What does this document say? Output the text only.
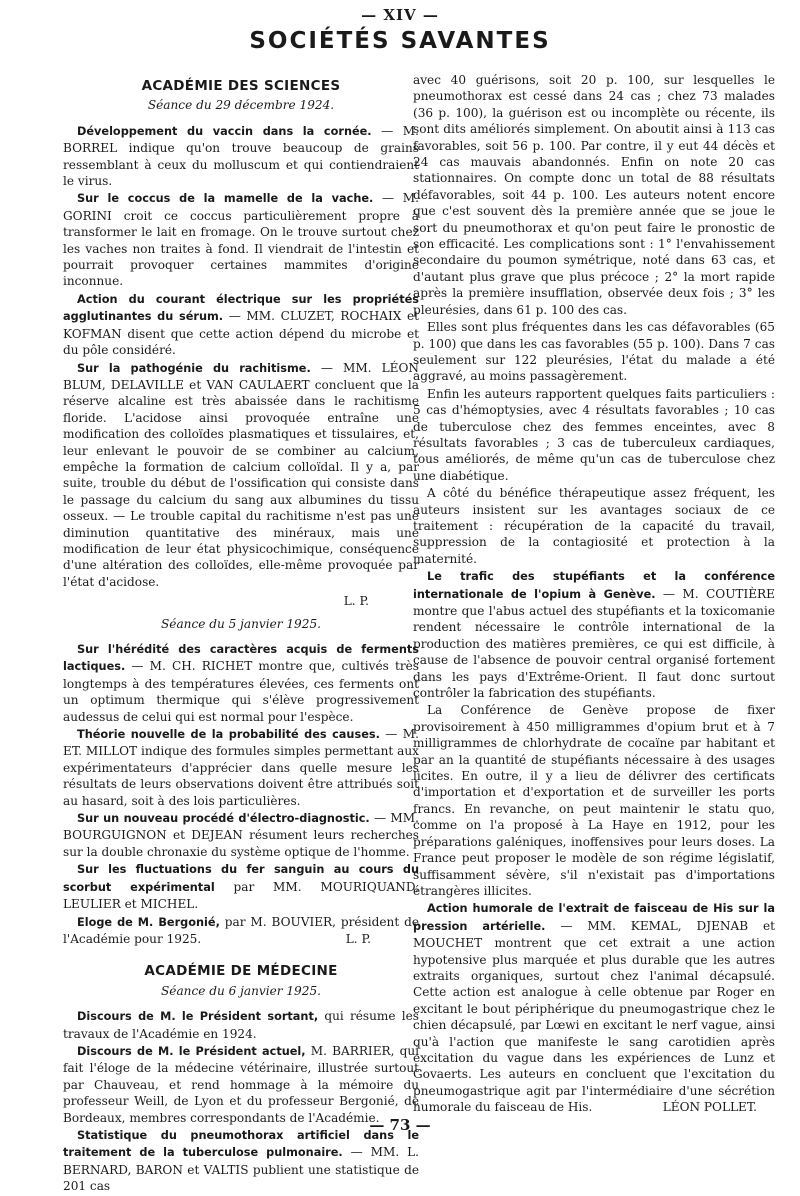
— XIV —
SOCIÉTÉS SAVANTES
ACADÉMIE DES SCIENCES
Séance du 29 décembre 1924.

Développement du vaccin dans la cornée. — M. BORREL indique qu'on trouve beaucoup de grains ressemblant à ceux du molluscum et qui contiendraient le virus.

Sur le coccus de la mamelle de la vache. — M. GORINI croit ce coccus particulièrement propre à transformer le lait en fromage. On le trouve surtout chez les vaches non traites à fond. Il viendrait de l'intestin et pourrait provoquer certaines mammites d'origine inconnue.

Action du courant électrique sur les propriétés agglutinantes du sérum. — MM. CLUZET, ROCHAIX et KOFMAN disent que cette action dépend du microbe et du pôle considéré.

Sur la pathogénie du rachitisme. — MM. LÉON BLUM, DELAVILLE et VAN CAULAERT concluent que la réserve alcaline est très abaissée dans le rachitisme floride. L'acidose ainsi provoquée entraîne une modification des colloïdes plasmatiques et tissulaires, et, leur enlevant le pouvoir de se combiner au calcium, empêche la formation de calcium colloïdal. Il y a, par suite, trouble du début de l'ossification qui consiste dans le passage du calcium du sang aux albumines du tissu osseux. — Le trouble capital du rachitisme n'est pas une diminution quantitative des minéraux, mais une modification de leur état physicochimique, conséquence d'une altération des colloïdes, elle-même provoquée par l'état d'acidose.

L. P.
Séance du 5 janvier 1925.

Sur l'hérédité des caractères acquis de ferments lactiques. — M. CH. RICHET montre que, cultivés très longtemps à des températures élevées, ces ferments ont un optimum thermique qui s'élève progressivement audessus de celui qui est normal pour l'espèce.

Théorie nouvelle de la probabilité des causes. — M. ET. MILLOT indique des formules simples permettant aux expérimentateurs d'apprécier dans quelle mesure les résultats de leurs observations doivent être attribués soit au hasard, soit à des lois particulières.

Sur un nouveau procédé d'électro-diagnostic. — MM. BOURGUIGNON et DEJEAN résument leurs recherches sur la double chronaxie du système optique de l'homme.

Sur les fluctuations du fer sanguin au cours du scorbut expérimental par MM. MOURIQUAND, LEULIER et MICHEL.

Eloge de M. Bergonié, par M. BOUVIER, président de l'Académie pour 1925.	L. P.

ACADÉMIE DE MÉDECINE
Séance du 6 janvier 1925.

Discours de M. le Président sortant, qui résume les travaux de l'Académie en 1924.

Discours de M. le Président actuel, M. BARRIER, qui fait l'éloge de la médecine vétérinaire, illustrée surtout par Chauveau, et rend hommage à la mémoire du professeur Weill, de Lyon et du professeur Bergonié, de Bordeaux, membres correspondants de l'Académie.

Statistique du pneumothorax artificiel dans le traitement de la tuberculose pulmonaire. — MM. L. BERNARD, BARON et VALTIS publient une statistique de 201 cas

avec 40 guérisons, soit 20 p. 100, sur lesquelles le pneumothorax est cessé dans 24 cas ; chez 73 malades (36 p. 100), la guérison est ou incomplète ou récente, ils sont dits améliorés simplement. On aboutit ainsi à 113 cas favorables, soit 56 p. 100. Par contre, il y eut 44 décès et 24 cas mauvais abandonnés. Enfin on note 20 cas stationnaires. On compte donc un total de 88 résultats défavorables, soit 44 p. 100. Les auteurs notent encore que c'est souvent dès la première année que se joue le sort du pneumothorax et qu'on peut faire le pronostic de son efficacité. Les complications sont : 1° l'envahissement secondaire du poumon symétrique, noté dans 63 cas, et d'autant plus grave que plus précoce ; 2° la mort rapide après la première insufflation, observée deux fois ; 3° les pleurésies, dans 61 p. 100 des cas.

Elles sont plus fréquentes dans les cas défavorables (65 p. 100) que dans les cas favorables (55 p. 100). Dans 7 cas seulement sur 122 pleurésies, l'état du malade a été aggravé, au moins passagèrement.

Enfin les auteurs rapportent quelques faits particuliers : 5 cas d'hémoptysies, avec 4 résultats favorables ; 10 cas de tuberculose chez des femmes enceintes, avec 8 résultats favorables ; 3 cas de tuberculeux cardiaques, tous améliorés, de même qu'un cas de tuberculose chez une diabétique.

A côté du bénéfice thérapeutique assez fréquent, les auteurs insistent sur les avantages sociaux de ce traitement : récupération de la capacité du travail, suppression de la contagiosité et protection à la maternité.

Le trafic des stupéfiants et la conférence internationale de l'opium à Genève. — M. COUTIÈRE montre que l'abus actuel des stupéfiants et la toxicomanie rendent nécessaire le contrôle international de la production des matières premières, ce qui est difficile, à cause de l'absence de pouvoir central organisé fortement dans les pays d'Extrême-Orient. Il faut donc surtout contrôler la fabrication des stupéfiants.

La Conférence de Genève propose de fixer provisoirement à 450 milligrammes d'opium brut et à 7 milligrammes de chlorhydrate de cocaïne par habitant et par an la quantité de stupéfiants nécessaire à des usages licites. En outre, il y a lieu de délivrer des certificats d'importation et d'exportation et de surveiller les ports francs. En revanche, on peut maintenir le statu quo, comme on l'a proposé à La Haye en 1912, pour les préparations galéniques, inoffensives pour leurs doses. La France peut proposer le modèle de son régime législatif, suffisamment sévère, s'il n'existait pas d'importations étrangères illicites.

Action humorale de l'extrait de faisceau de His sur la pression artérielle. — MM. KEMAL, DJENAB et MOUCHET montrent que cet extrait a une action hypotensive plus marquée et plus durable que les autres extraits organiques, surtout chez l'animal décapsulé. Cette action est analogue à celle obtenue par Roger en excitant le bout périphérique du pneumogastrique chez le chien décapsulé, par Lœwi en excitant le nerf vague, ainsi qu'à l'action que manifeste le sang carotidien après excitation du vague dans les expériences de Lunz et Govaerts. Les auteurs en concluent que l'excitation du pneumogastrique agit par l'intermédiaire d'une sécrétion humorale du faisceau de His.	LÉON POLLET.

— 73 —
